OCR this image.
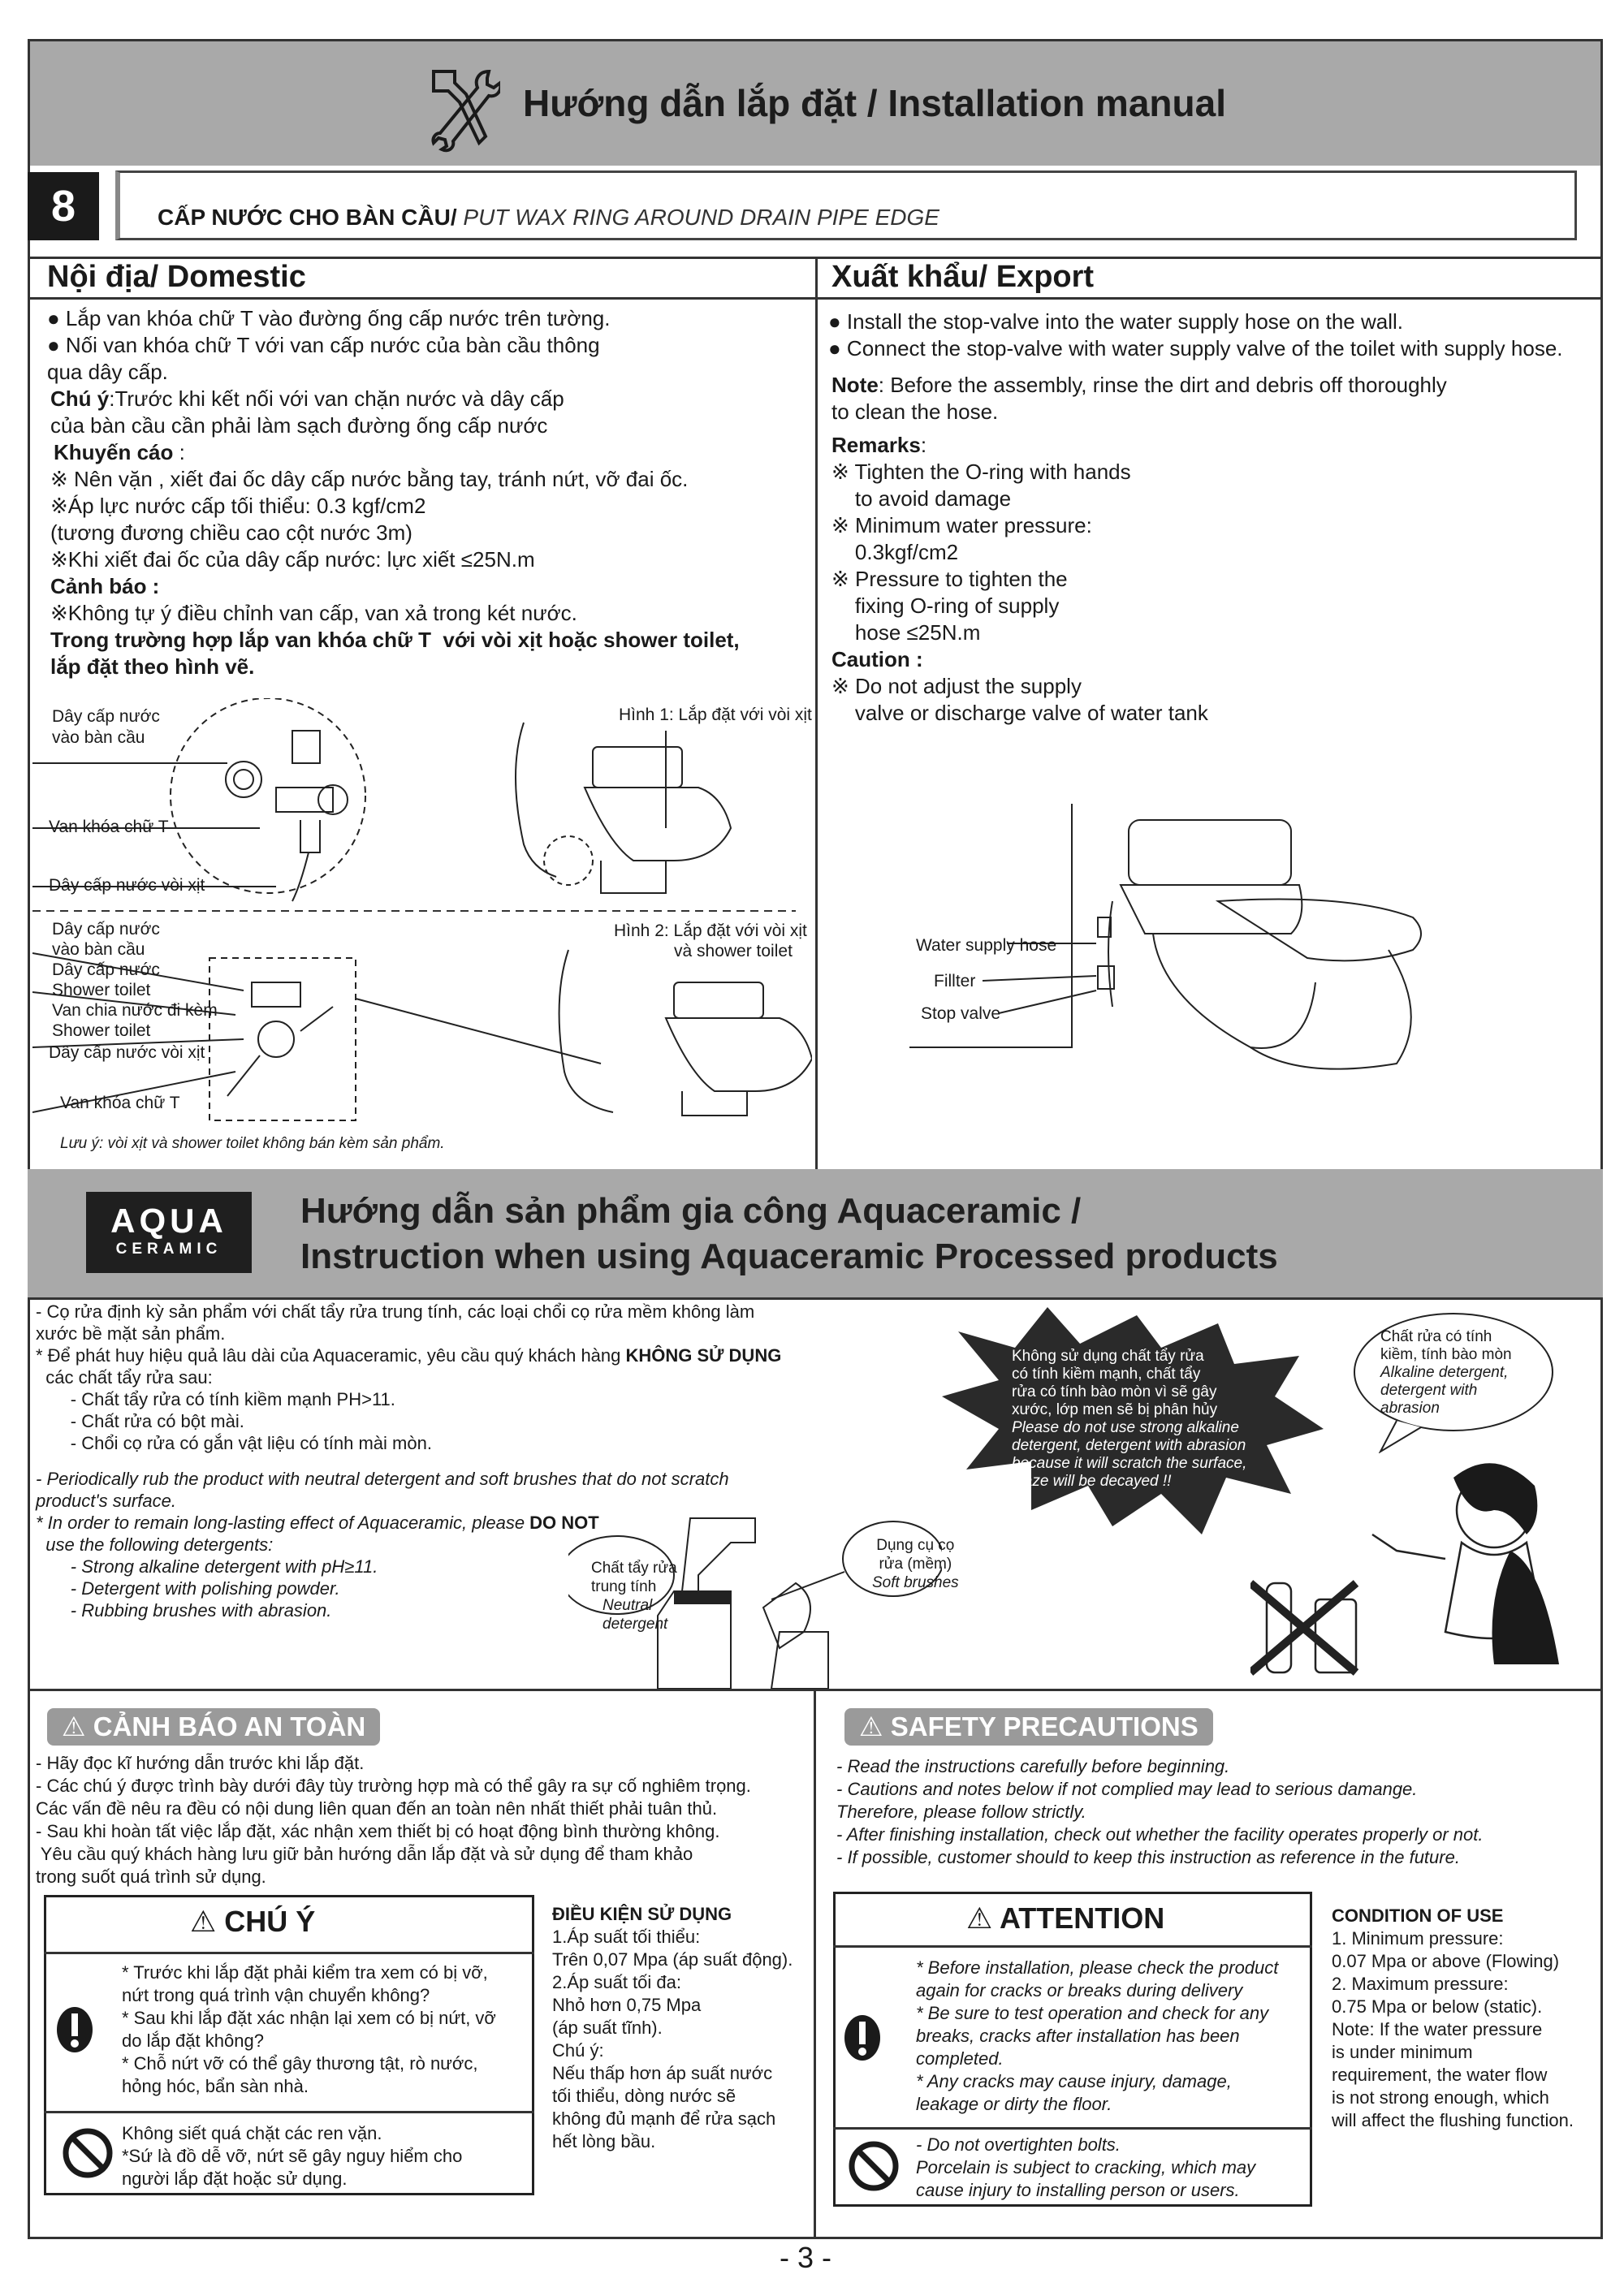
Hướng dẫn lắp đặt / Installation manual
8	CẤP NƯỚC CHO BÀN CẦU/ PUT WAX RING AROUND DRAIN PIPE EDGE
Nội địa/ Domestic	Xuất khẩu/ Export
● Lắp van khóa chữ T vào đường ống cấp nước trên tường.
● Nối van khóa chữ T với van cấp nước của bàn cầu thông
qua dây cấp.
Chú ý:Trước khi kết nối với van chặn nước và dây cấp
của bàn cầu cần phải làm sạch đường ống cấp nước
Khuyến cáo :
※ Nên vặn , xiết đai ốc dây cấp nước bằng tay, tránh nứt, vỡ đai ốc.
※Áp lực nước cấp tối thiểu: 0.3 kgf/cm2
(tương đương chiều cao cột nước 3m)
※Khi xiết đai ốc của dây cấp nước: lực xiết ≤25N.m
Cảnh báo :
※Không tự ý điều chỉnh van cấp, van xả trong két nước.
Trong trường hợp lắp van khóa chữ T  với vòi xịt hoặc shower toilet,
lắp đặt theo hình vẽ.
Dây cấp nước
vào bàn cầu
Van khóa chữ T
Dây cấp nước vòi xịt
Hình 1: Lắp đặt với vòi xịt
Dây cấp nước
vào bàn cầu
Dây cấp nước
Shower toilet
Van chia nước đi kèm
Shower toilet
Dây cấp nước vòi xịt
Van khóa chữ T
Hình 2: Lắp đặt với vòi xịt
và shower toilet
Lưu ý: vòi xịt và shower toilet không bán kèm sản phẩm.
● Install the stop-valve into the water supply hose on the wall.
● Connect the stop-valve with water supply valve of the toilet with supply hose.
Note: Before the assembly, rinse the dirt and debris off thoroughly
to clean the hose.
Remarks:
※ Tighten the O-ring with hands
to avoid damage
※ Minimum water pressure:
0.3kgf/cm2
※ Pressure to tighten the
fixing O-ring of supply
hose ≤25N.m
Caution :
※ Do not adjust the supply
valve or discharge valve of water tank
Water supply hose
Fillter
Stop valve
AQUA
CERAMIC
Hướng dẫn sản phẩm gia công Aquaceramic /
Instruction when using Aquaceramic Processed products
- Cọ rửa định kỳ sản phẩm với chất tẩy rửa trung tính, các loại chổi cọ rửa mềm không làm
xước bề mặt sản phẩm.
* Để phát huy hiệu quả lâu dài của Aquaceramic, yêu cầu quý khách hàng KHÔNG SỬ DỤNG
các chất tẩy rửa sau:
- Chất tẩy rửa có tính kiềm mạnh PH>11.
- Chất rửa có bột mài.
- Chổi cọ rửa có gắn vật liệu có tính mài mòn.
- Periodically rub the product with neutral detergent and soft brushes that do not scratch
product's surface.
* In order to remain long-lasting effect of Aquaceramic, please DO NOT
use the following detergents:
- Strong alkaline detergent with pH≥11.
- Detergent with polishing powder.
- Rubbing brushes with abrasion.
Chất tẩy rửa
trung tính
Neutral
detergent
Dụng cụ cọ
rửa (mềm)
Soft brushes
Không sử dụng chất tẩy rửa
có tính kiềm mạnh, chất tẩy
rửa có tính bào mòn vì sẽ gây
xước, lớp men sẽ bị phân hủy
Please do not use strong alkaline
detergent, detergent with abrasion
because it will scratch the surface,
glaze will be decayed !!
Chất rửa có tính
kiềm, tính bào mòn
Alkaline detergent,
detergent with
abrasion
⚠ CẢNH BÁO AN TOÀN
- Hãy đọc kĩ hướng dẫn trước khi lắp đặt.
- Các chú ý được trình bày dưới đây tùy trường hợp mà có thể gây ra sự cố nghiêm trọng.
Các vấn đề nêu ra đều có nội dung liên quan đến an toàn nên nhất thiết phải tuân thủ.
- Sau khi hoàn tất việc lắp đặt, xác nhận xem thiết bị có hoạt động bình thường không.
Yêu cầu quý khách hàng lưu giữ bản hướng dẫn lắp đặt và sử dụng để tham khảo
trong suốt quá trình sử dụng.
⚠ CHÚ Ý
* Trước khi lắp đặt phải kiểm tra xem có bị vỡ,
nứt trong quá trình vận chuyển không?
* Sau khi lắp đặt xác nhận lại xem có bị nứt, vỡ
do lắp đặt không?
* Chỗ nứt vỡ có thể gây thương tật, rò nước,
hỏng hóc, bẩn sàn nhà.
Không siết quá chặt các ren vặn.
*Sứ là đồ dễ vỡ, nứt sẽ gây nguy hiểm cho
người lắp đặt hoặc sử dụng.
ĐIỀU KIỆN SỬ DỤNG
1.Áp suất tối thiểu:
Trên 0,07 Mpa (áp suất động).
2.Áp suất tối đa:
Nhỏ hơn 0,75 Mpa
(áp suất tĩnh).
Chú ý:
Nếu thấp hơn áp suất nước
tối thiểu, dòng nước sẽ
không đủ mạnh để rửa sạch
hết lòng bầu.
⚠ SAFETY PRECAUTIONS
- Read the instructions carefully before beginning.
- Cautions and notes below if not complied may lead to serious damange.
Therefore, please follow strictly.
- After finishing installation, check out whether the facility operates properly or not.
- If possible, customer should to keep this instruction as reference in the future.
⚠ ATTENTION
* Before installation, please check the product
again for cracks or breaks during delivery
* Be sure to test operation and check for any
breaks, cracks after installation has been
completed.
* Any cracks may cause injury, damage,
leakage or dirty the floor.
- Do not overtighten bolts.
Porcelain is subject to cracking, which may
cause injury to installing person or users.
CONDITION OF USE
1. Minimum pressure:
0.07 Mpa or above (Flowing)
2. Maximum pressure:
0.75 Mpa or below (static).
Note: If the water pressure
is under minimum
requirement, the water flow
is not strong enough, which
will affect the flushing function.
- 3 -
